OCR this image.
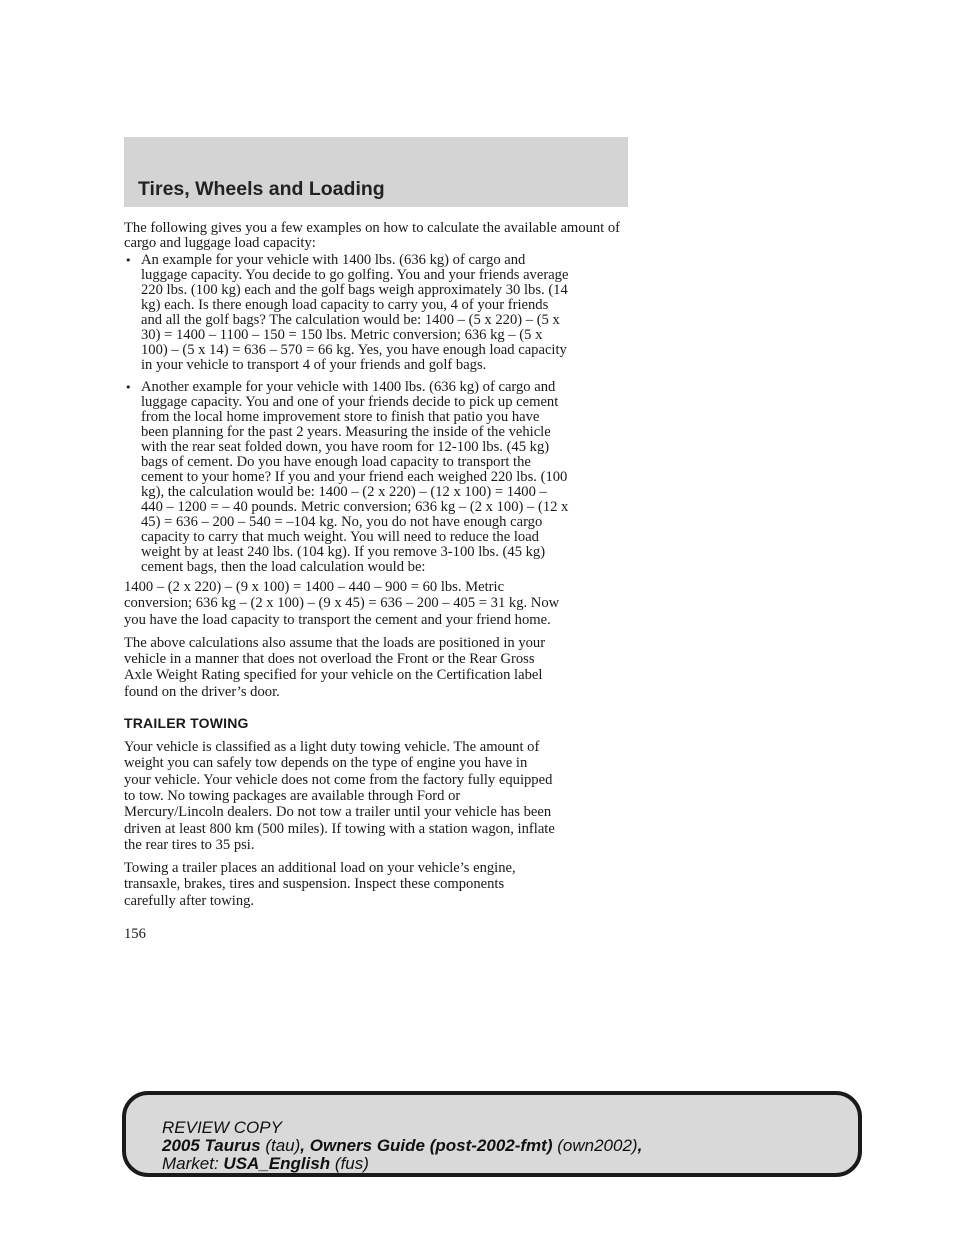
Tires, Wheels and Loading

The following gives you a few examples on how to calculate the available amount of cargo and luggage load capacity:

• An example for your vehicle with 1400 lbs. (636 kg) of cargo and
luggage capacity. You decide to go golfing. You and your friends average
220 lbs. (100 kg) each and the golf bags weigh approximately 30 lbs. (14
kg) each. Is there enough load capacity to carry you, 4 of your friends
and all the golf bags? The calculation would be: 1400 – (5 x 220) – (5 x
30) = 1400 – 1100 – 150 = 150 lbs. Metric conversion; 636 kg – (5 x
100) – (5 x 14) = 636 – 570 = 66 kg. Yes, you have enough load capacity
in your vehicle to transport 4 of your friends and golf bags.
• Another example for your vehicle with 1400 lbs. (636 kg) of cargo and
luggage capacity. You and one of your friends decide to pick up cement
from the local home improvement store to finish that patio you have
been planning for the past 2 years. Measuring the inside of the vehicle
with the rear seat folded down, you have room for 12-100 lbs. (45 kg)
bags of cement. Do you have enough load capacity to transport the
cement to your home? If you and your friend each weighed 220 lbs. (100
kg), the calculation would be: 1400 – (2 x 220) – (12 x 100) = 1400 –
440 – 1200 = – 40 pounds. Metric conversion; 636 kg – (2 x 100) – (12 x
45) = 636 – 200 – 540 = –104 kg. No, you do not have enough cargo
capacity to carry that much weight. You will need to reduce the load
weight by at least 240 lbs. (104 kg). If you remove 3-100 lbs. (45 kg)
cement bags, then the load calculation would be:

1400 – (2 x 220) – (9 x 100) = 1400 – 440 – 900 = 60 lbs. Metric
conversion; 636 kg – (2 x 100) – (9 x 45) = 636 – 200 – 405 = 31 kg. Now
you have the load capacity to transport the cement and your friend home.

The above calculations also assume that the loads are positioned in your
vehicle in a manner that does not overload the Front or the Rear Gross
Axle Weight Rating specified for your vehicle on the Certification label
found on the driver’s door.

TRAILER TOWING

Your vehicle is classified as a light duty towing vehicle. The amount of
weight you can safely tow depends on the type of engine you have in
your vehicle. Your vehicle does not come from the factory fully equipped
to tow. No towing packages are available through Ford or
Mercury/Lincoln dealers. Do not tow a trailer until your vehicle has been
driven at least 800 km (500 miles). If towing with a station wagon, inflate
the rear tires to 35 psi.

Towing a trailer places an additional load on your vehicle’s engine,
transaxle, brakes, tires and suspension. Inspect these components
carefully after towing.

156
REVIEW COPY
2005 Taurus (tau), Owners Guide (post-2002-fmt) (own2002),
Market: USA_English (fus)
